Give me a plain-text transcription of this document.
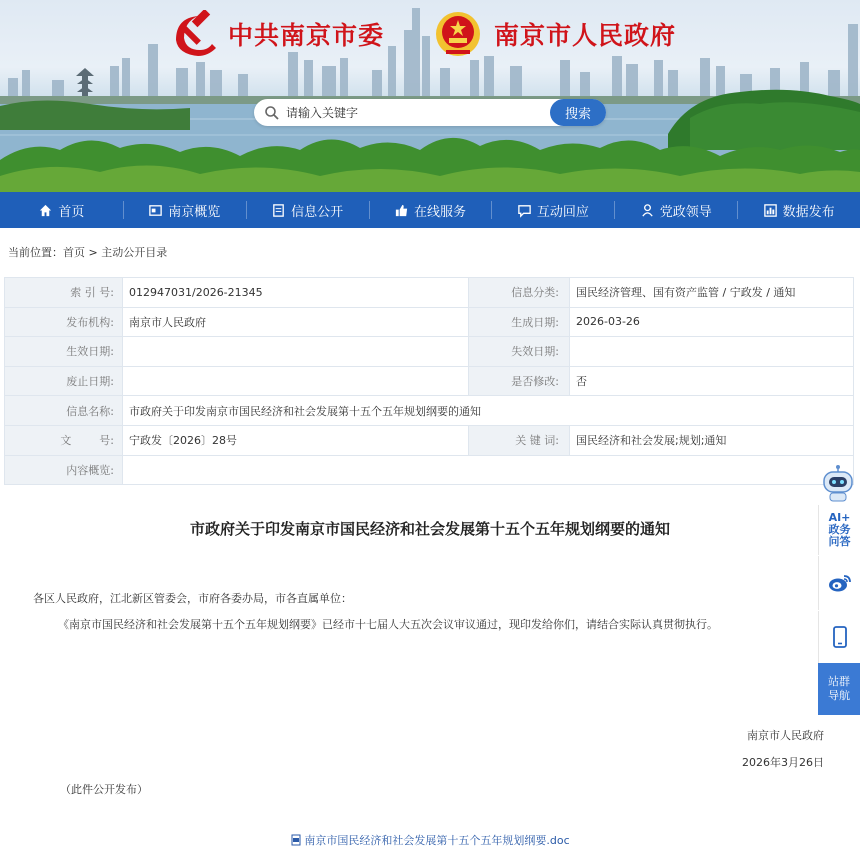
中共南京市委	南京市人民政府
请输入关键字
搜索
首页	南京概览	信息公开	在线服务	互动回应	党政领导	数据发布
当前位置：首页 > 主动公开目录
索 引 号:	012947031/2026-21345	信息分类:	国民经济管理、国有资产监管 / 宁政发 / 通知
发布机构:	南京市人民政府	生成日期:	2026-03-26
生效日期:		失效日期:	
废止日期:		是否修改:	否
信息名称:	市政府关于印发南京市国民经济和社会发展第十五个五年规划纲要的通知		
文        号:	宁政发〔2026〕28号	关 键 词:	国民经济和社会发展;规划;通知
内容概览:			
市政府关于印发南京市国民经济和社会发展第十五个五年规划纲要的通知
各区人民政府，江北新区管委会，市府各委办局，市各直属单位：
《南京市国民经济和社会发展第十五个五年规划纲要》已经市十七届人大五次会议审议通过，现印发给你们，请结合实际认真贯彻执行。
南京市人民政府
2026年3月26日
（此件公开发布）
南京市国民经济和社会发展第十五个五年规划纲要.doc
AI+
政务
问答
站群
导航
